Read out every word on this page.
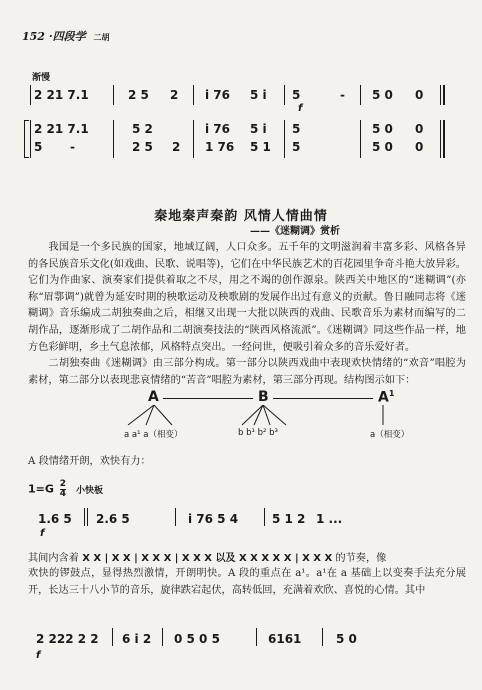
152 ·四段学 二胡
渐慢
2 21 7.1	2 5 2 i 76 5 i 5	- 5 0 0
f
2 21 7.1	5 2	i 76 5 i 5	5 0 0
5 -	2 5 2 1 76 5 1 5	5 0 0
秦地秦声秦韵 风情人情曲情
——《迷糊调》赏析
我国是一个多民族的国家，地域辽阔，人口众多。五千年的文明滋润着丰富多彩、风格各异的各民族音乐文化(如戏曲、民歌、说唱等)，它们在中华民族艺术的百花园里争奇斗艳大放异彩。它们为作曲家、演奏家们提供着取之不尽，用之不竭的创作源泉。陕西关中地区的“迷糊调”(亦称“眉鄠调”)就曾为延安时期的秧歌运动及秧歌剧的发展作出过有意义的贡献。鲁日融同志将《迷糊调》音乐编成二胡独奏曲之后，相继又出现一大批以陕西的戏曲、民歌音乐为素材而编写的二胡作品，逐渐形成了二胡作品和二胡演奏技法的“陕西风格流派”。《迷糊调》同这些作品一样，地方色彩鲜明，乡土气息浓郁，风格特点突出。一经问世，便吸引着众多的音乐爱好者。
二胡独奏曲《迷糊调》由三部分构成。第一部分以陕西戏曲中表现欢快情绪的“欢音”唱腔为素材，第二部分以表现悲哀情绪的“苦音”唱腔为素材，第三部分再现。结构图示如下：
A	B	$A^1$
a a¹ a（相变）	b b¹ b² b³	a（相变）
A 段情绪开朗，欢快有力：
$1=G \frac{2}{4}$ 小快板
1.6 5 2.6 5	i 76 5 4	5 1 2 1 ...
f
其间内含着 X X | X X | X X X | X X X 以及 X X X X X | X X X 的节奏，像
欢快的锣鼓点，显得热烈激情，开朗明快。A 段的重点在 a¹。a¹在 a 基础上以变奏手法充分展开，长达三十八小节的音乐，旋律跌宕起伏，高转低回，充满着欢欣、喜悦的心情。其中
2 222 2 2 6 i 2 0 5 0 5	6161	5 0
f
